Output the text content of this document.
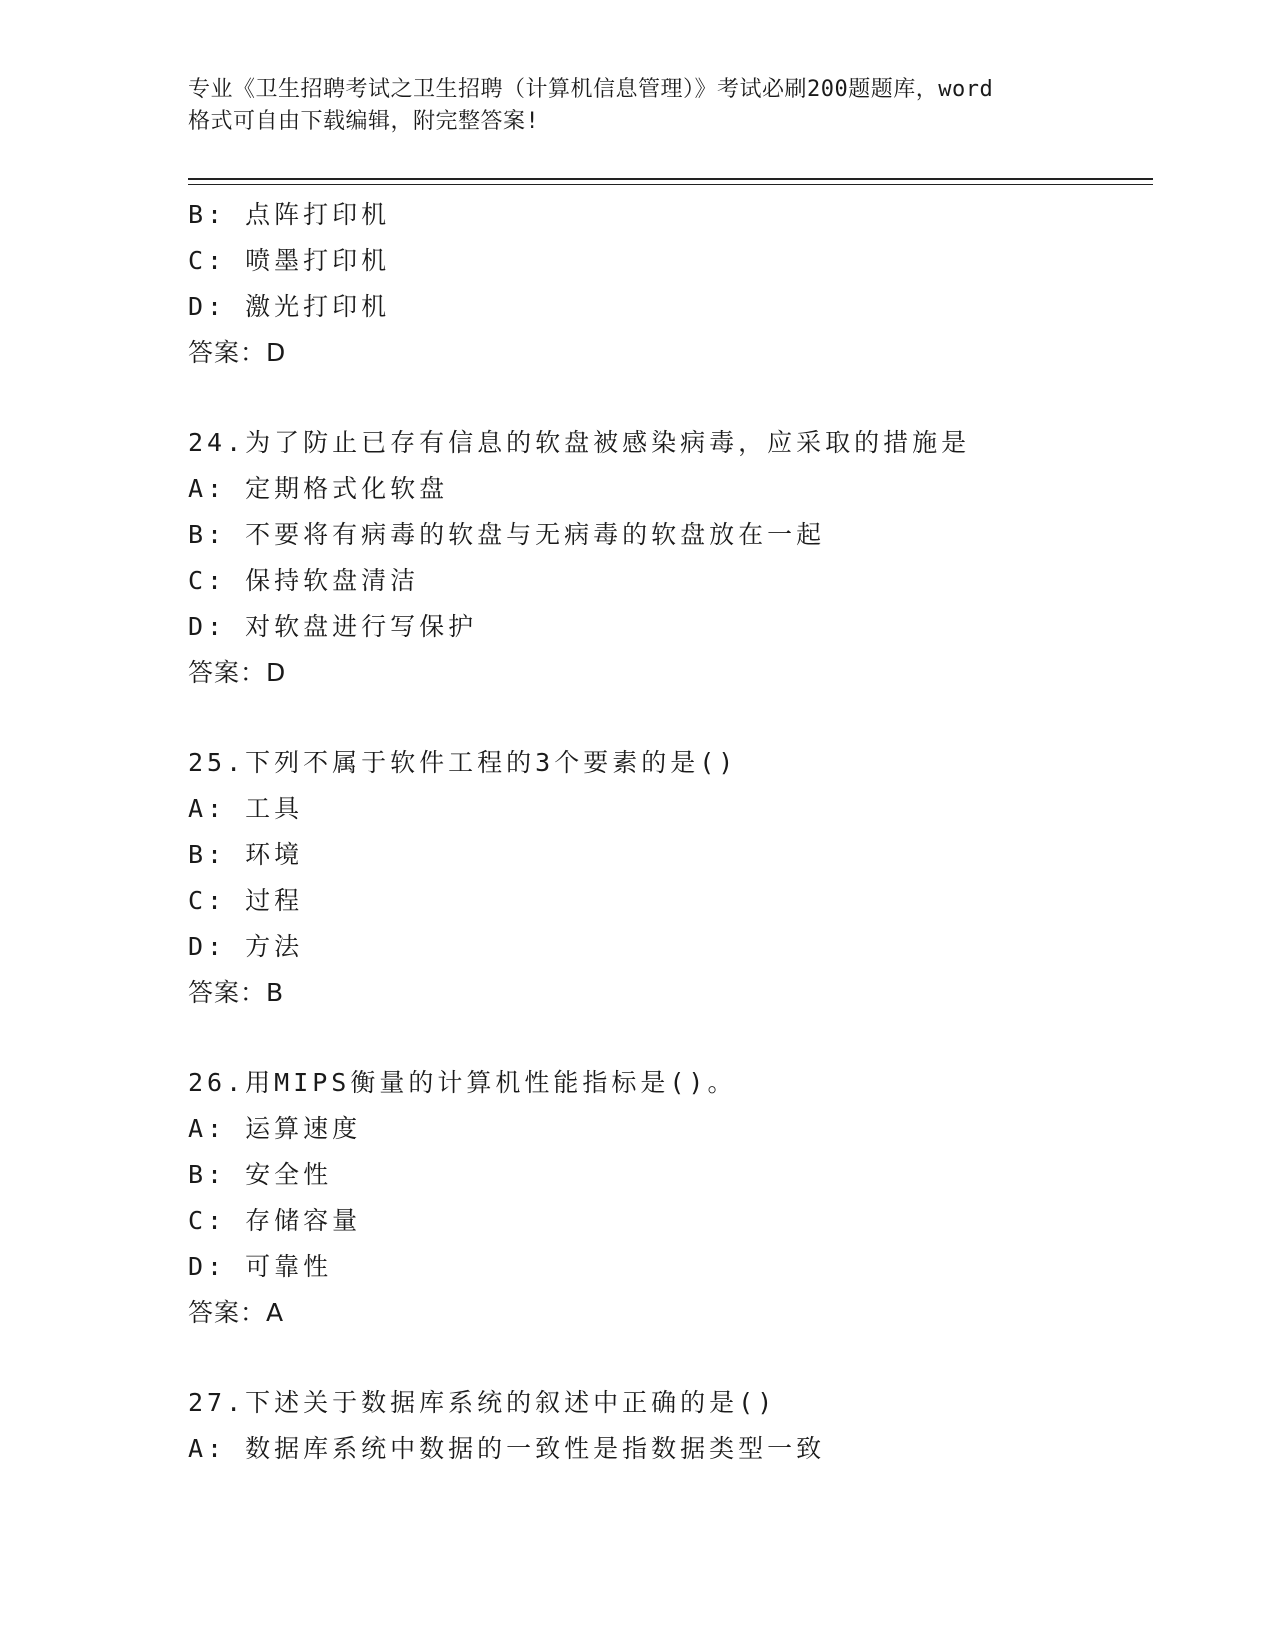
专业《卫生招聘考试之卫生招聘（计算机信息管理）》考试必刷200题题库，word
格式可自由下载编辑，附完整答案!
B: 点阵打印机
C: 喷墨打印机
D: 激光打印机
答案：D
24.为了防止已存有信息的软盘被感染病毒，应采取的措施是
A: 定期格式化软盘
B: 不要将有病毒的软盘与无病毒的软盘放在一起
C: 保持软盘清洁
D: 对软盘进行写保护
答案：D
25.下列不属于软件工程的3个要素的是()
A: 工具
B: 环境
C: 过程
D: 方法
答案：B
26.用MIPS衡量的计算机性能指标是()。
A: 运算速度
B: 安全性
C: 存储容量
D: 可靠性
答案：A
27.下述关于数据库系统的叙述中正确的是()
A: 数据库系统中数据的一致性是指数据类型一致
